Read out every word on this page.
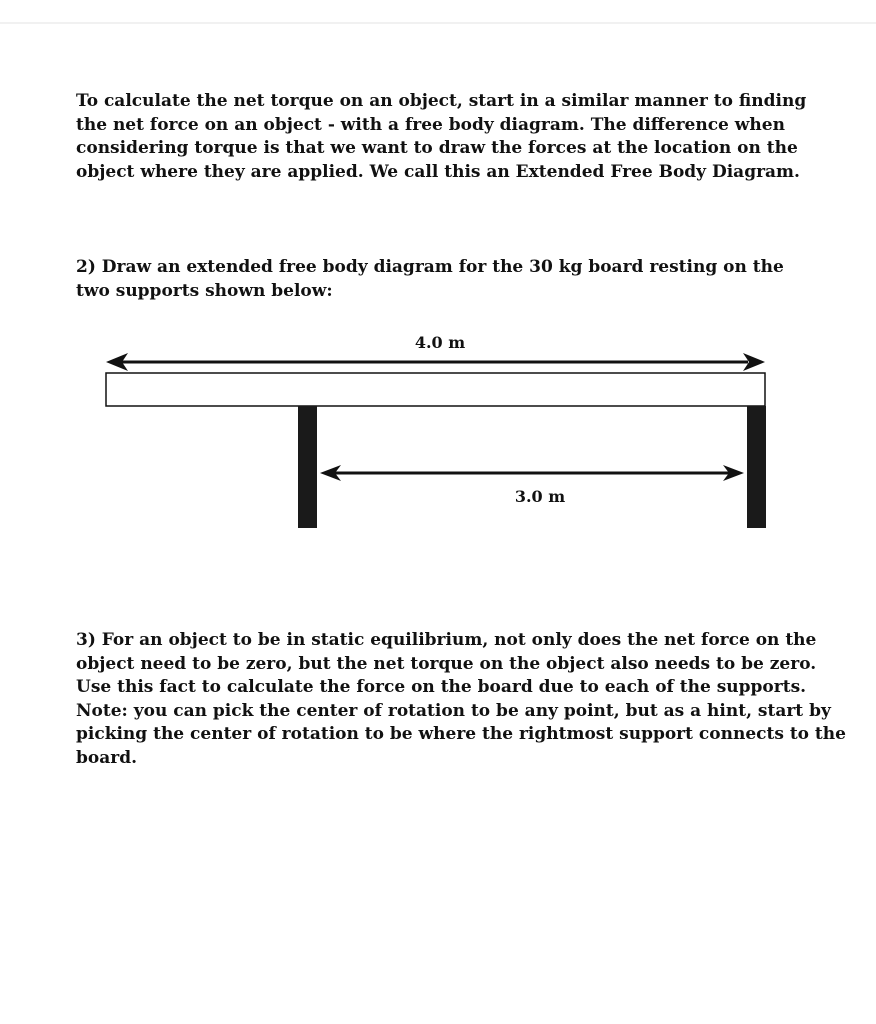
To calculate the net torque on an object, start in a similar manner to finding the net force on an object - with a free body diagram. The difference when considering torque is that we want to draw the forces at the location on the object where they are applied. We call this an Extended Free Body Diagram.

2) Draw an extended free body diagram for the 30 kg board resting on the two supports shown below:

4.0 m
3.0 m

3) For an object to be in static equilibrium, not only does the net force on the object need to be zero, but the net torque on the object also needs to be zero. Use this fact to calculate the force on the board due to each of the supports. Note: you can pick the center of rotation to be any point, but as a hint, start by picking the center of rotation to be where the rightmost support connects to the board.
